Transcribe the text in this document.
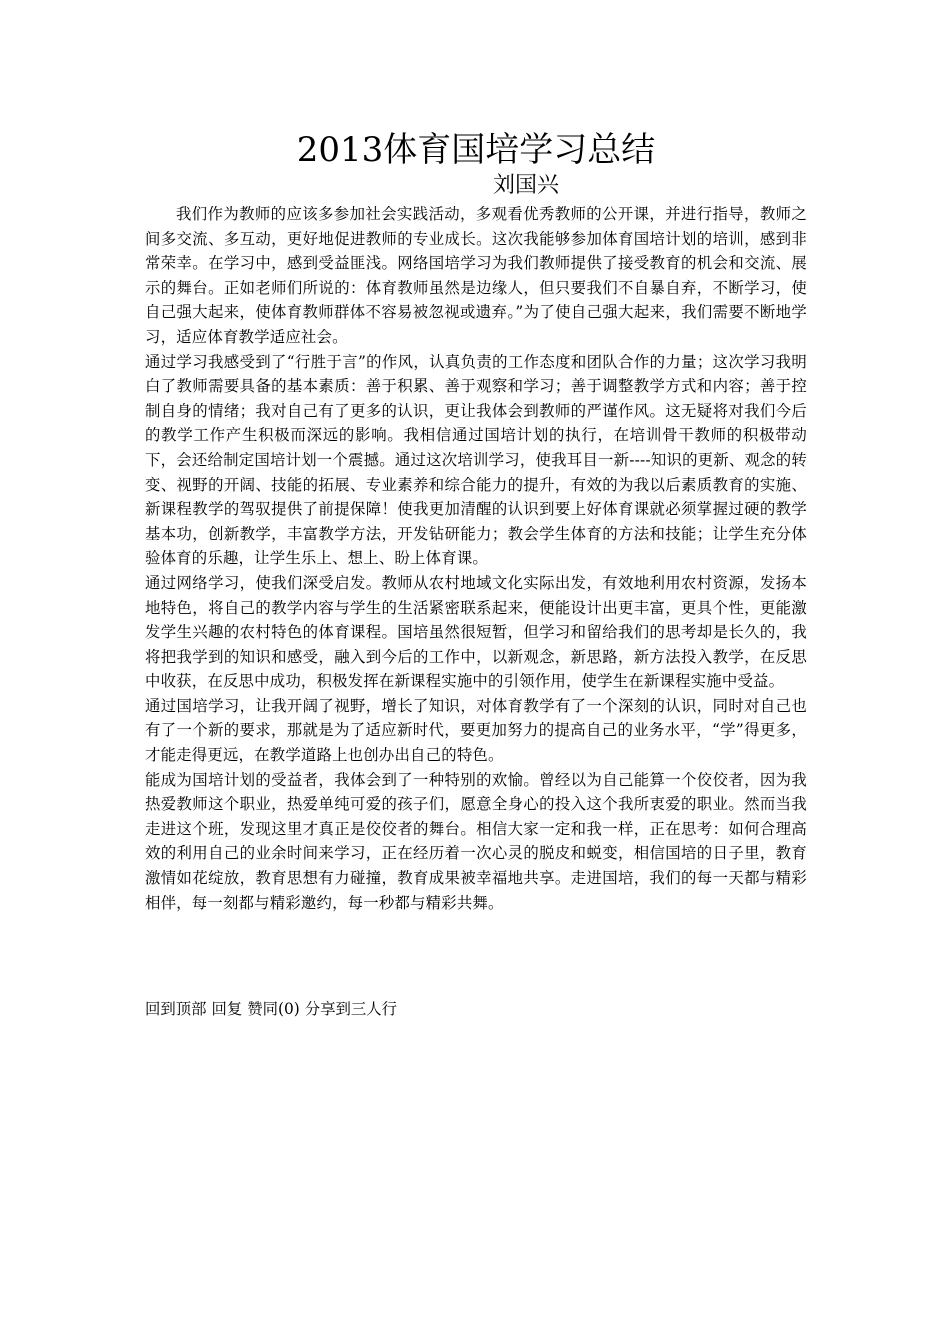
2013体育国培学习总结
刘国兴

我们作为教师的应该多参加社会实践活动，多观看优秀教师的公开课，并进行指导，教师之间多交流、多互动，更好地促进教师的专业成长。这次我能够参加体育国培计划的培训，感到非常荣幸。在学习中，感到受益匪浅。网络国培学习为我们教师提供了接受教育的机会和交流、展示的舞台。正如老师们所说的：体育教师虽然是边缘人，但只要我们不自暴自弃，不断学习，使自己强大起来，使体育教师群体不容易被忽视或遗弃。”为了使自己强大起来，我们需要不断地学习，适应体育教学适应社会。

通过学习我感受到了“行胜于言”的作风，认真负责的工作态度和团队合作的力量；这次学习我明白了教师需要具备的基本素质：善于积累、善于观察和学习；善于调整教学方式和内容；善于控制自身的情绪；我对自己有了更多的认识，更让我体会到教师的严谨作风。这无疑将对我们今后的教学工作产生积极而深远的影响。我相信通过国培计划的执行，在培训骨干教师的积极带动下，会还给制定国培计划一个震撼。通过这次培训学习，使我耳目一新----知识的更新、观念的转变、视野的开阔、技能的拓展、专业素养和综合能力的提升，有效的为我以后素质教育的实施、新课程教学的驾驭提供了前提保障！使我更加清醒的认识到要上好体育课就必须掌握过硬的教学基本功，创新教学，丰富教学方法，开发钻研能力；教会学生体育的方法和技能；让学生充分体验体育的乐趣，让学生乐上、想上、盼上体育课。

通过网络学习，使我们深受启发。教师从农村地域文化实际出发，有效地利用农村资源，发扬本地特色，将自己的教学内容与学生的生活紧密联系起来，便能设计出更丰富，更具个性，更能激发学生兴趣的农村特色的体育课程。国培虽然很短暂，但学习和留给我们的思考却是长久的，我将把我学到的知识和感受，融入到今后的工作中，以新观念，新思路，新方法投入教学，在反思中收获，在反思中成功，积极发挥在新课程实施中的引领作用，使学生在新课程实施中受益。

通过国培学习，让我开阔了视野，增长了知识，对体育教学有了一个深刻的认识，同时对自己也有了一个新的要求，那就是为了适应新时代，要更加努力的提高自己的业务水平，“学”得更多，才能走得更远，在教学道路上也创办出自己的特色。

能成为国培计划的受益者，我体会到了一种特别的欢愉。曾经以为自己能算一个佼佼者，因为我热爱教师这个职业，热爱单纯可爱的孩子们，愿意全身心的投入这个我所衷爱的职业。然而当我走进这个班，发现这里才真正是佼佼者的舞台。相信大家一定和我一样，正在思考：如何合理高效的利用自己的业余时间来学习，正在经历着一次心灵的脱皮和蜕变，相信国培的日子里，教育激情如花绽放，教育思想有力碰撞，教育成果被幸福地共享。走进国培，我们的每一天都与精彩相伴，每一刻都与精彩邀约，每一秒都与精彩共舞。

回到顶部 回复 赞同(0) 分享到三人行
